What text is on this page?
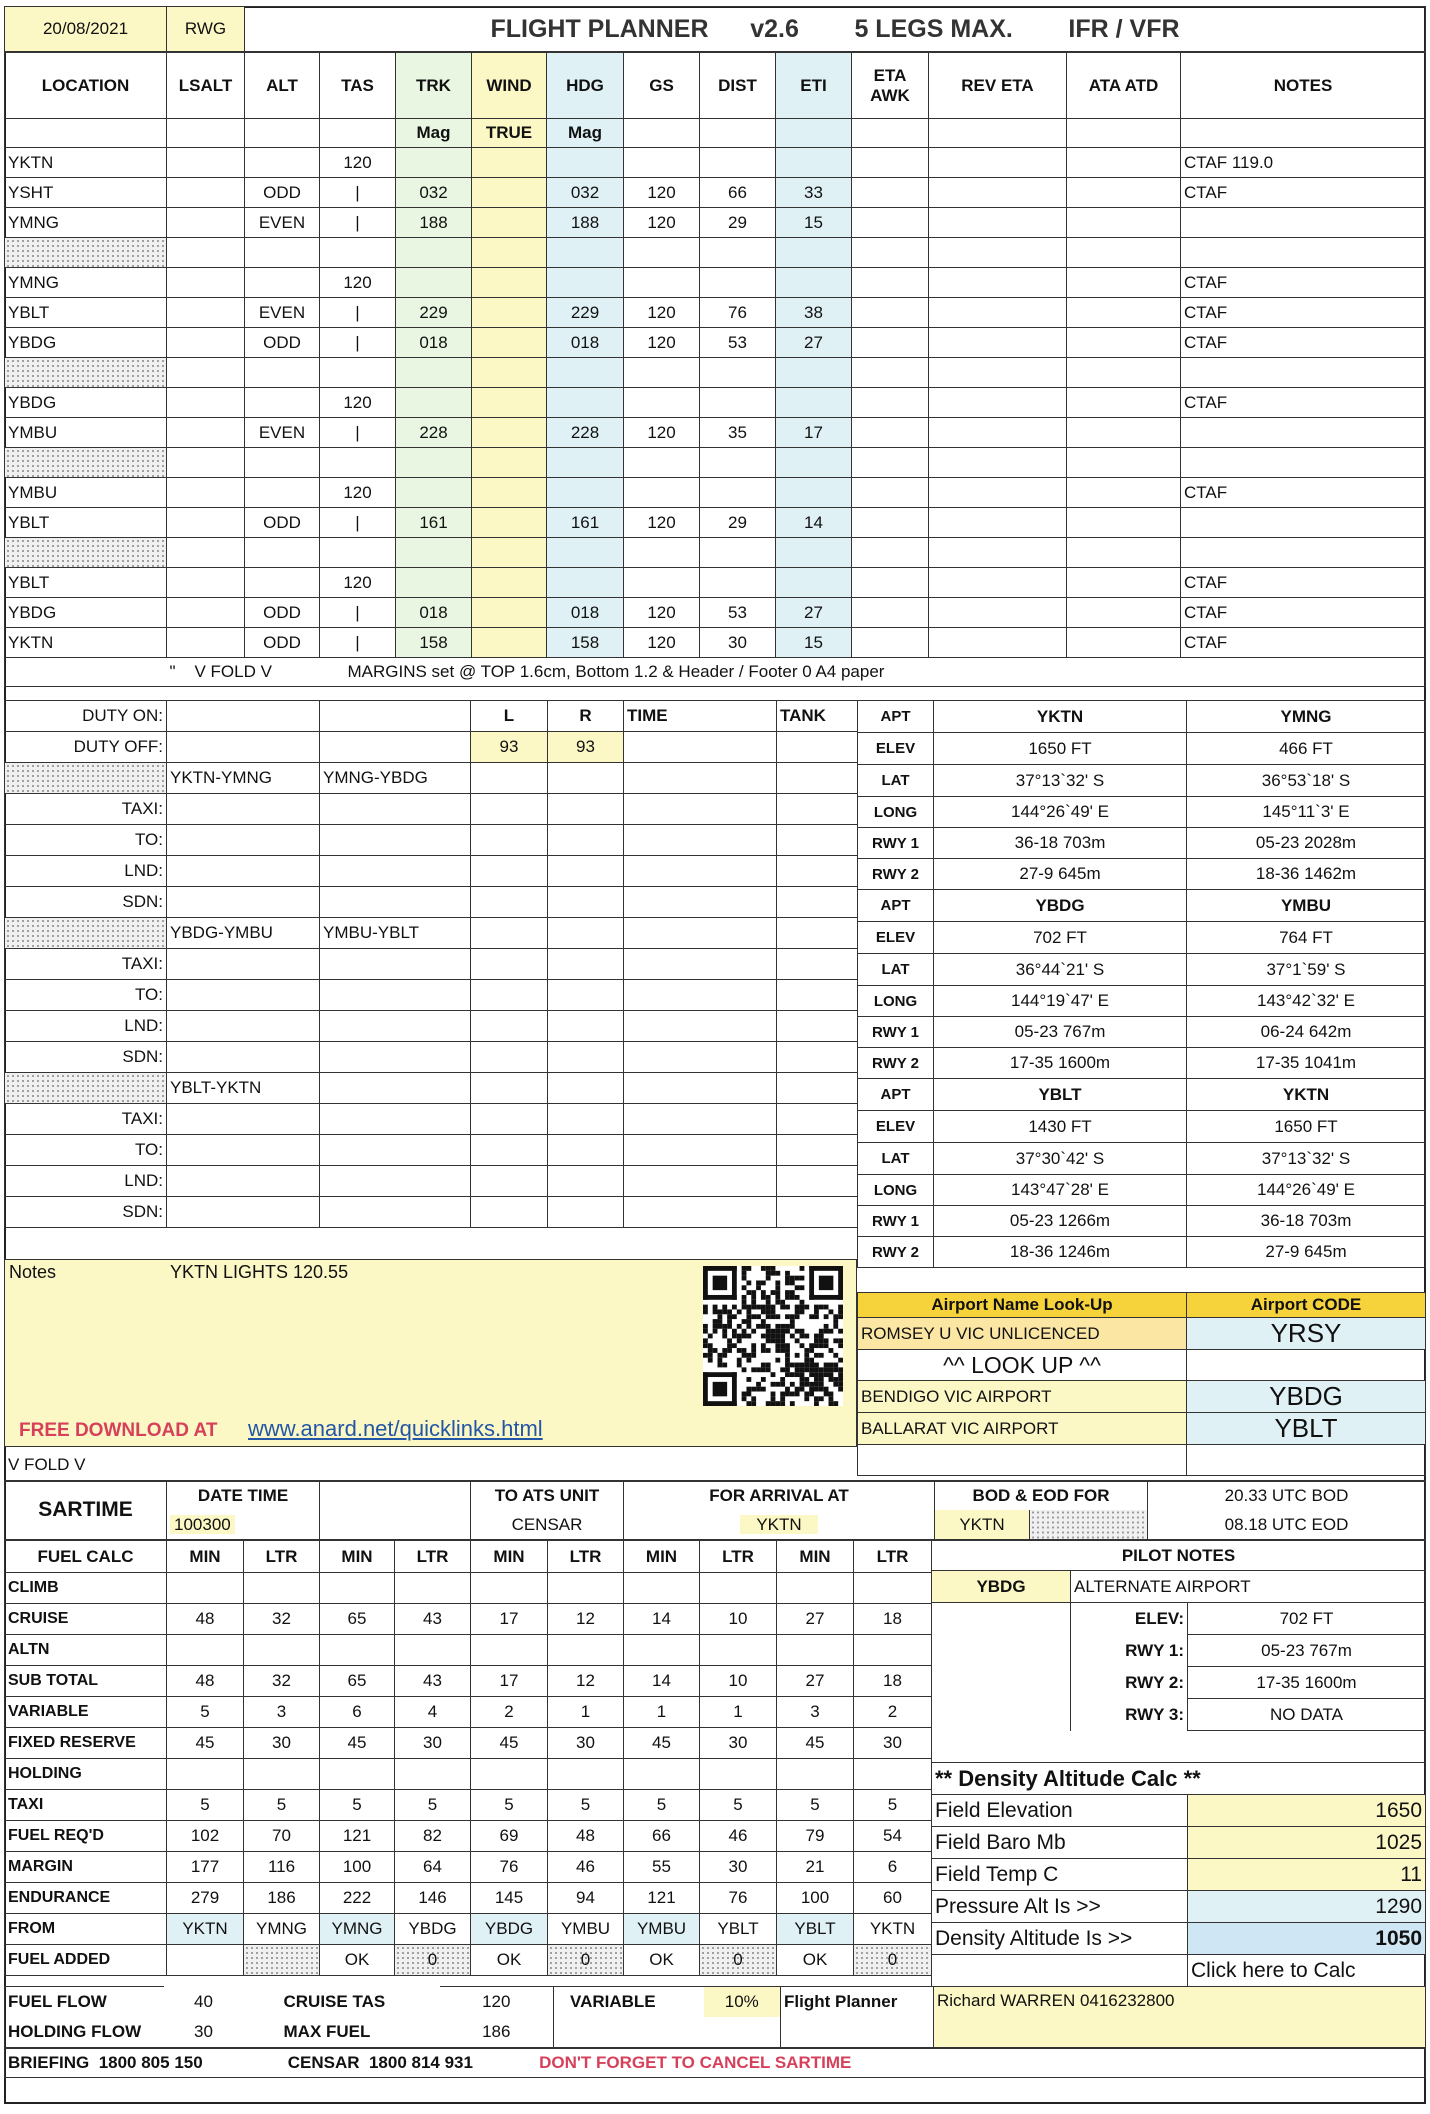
20/08/2021	RWG	FLIGHT PLANNER v2.6 5 LEGS MAX. IFR / VFR
LOCATION	LSALT	ALT	TAS	TRK	WIND	HDG	GS	DIST	ETI	ETA AWK	REV ETA	ATA ATD	NOTES
				Mag	TRUE	Mag							
YKTN			120										CTAF 119.0
YSHT		ODD	|	032		032	120	66	33				CTAF
YMNG		EVEN	|	188		188	120	29	15				

YMNG			120										CTAF
YBLT		EVEN	|	229		229	120	76	38				CTAF
YBDG		ODD	|	018		018	120	53	27				CTAF

YBDG			120										CTAF
YMBU		EVEN	|	228		228	120	35	17				

YMBU			120										CTAF
YBLT		ODD	|	161		161	120	29	14				

YBLT			120										CTAF
YBDG		ODD	|	018		018	120	53	27				CTAF
YKTN		ODD	|	158		158	120	30	15				CTAF
	" V FOLD V MARGINS set @ TOP 1.6cm, Bottom 1.2 & Header / Footer 0 A4 paper												
DUTY ON:			L	R	TIME	TANK
DUTY OFF:			93	93		
	YKTN-YMNG	YMNG-YBDG				
TAXI:						
TO:						
LND:						
SDN:						
	YBDG-YMBU	YMBU-YBLT				
TAXI:						
TO:						
LND:						
SDN:						
	YBLT-YKTN					
TAXI:						
TO:						
LND:						
SDN:						
APT	YKTN	YMNG
ELEV	1650 FT	466 FT
LAT	37°13`32' S	36°53`18' S
LONG	144°26`49' E	145°11`3' E
RWY 1	36-18 703m	05-23 2028m
RWY 2	27-9 645m	18-36 1462m
APT	YBDG	YMBU
ELEV	702 FT	764 FT
LAT	36°44`21' S	37°1`59' S
LONG	144°19`47' E	143°42`32' E
RWY 1	05-23 767m	06-24 642m
RWY 2	17-35 1600m	17-35 1041m
APT	YBLT	YKTN
ELEV	1430 FT	1650 FT
LAT	37°30`42' S	37°13`32' S
LONG	143°47`28' E	144°26`49' E
RWY 1	05-23 1266m	36-18 703m
RWY 2	18-36 1246m	27-9 645m
Notes	YKTN LIGHTS 120.55
FREE DOWNLOAD AT www.anard.net/quicklinks.html
Airport Name Look-Up	Airport CODE
ROMSEY U VIC UNLICENCED	YRSY
^^ LOOK UP ^^	
BENDIGO VIC AIRPORT	YBDG
BALLARAT VIC AIRPORT	YBLT

V FOLD V
SARTIME	DATE TIME		TO ATS UNIT	FOR ARRIVAL AT	BOD & EOD FOR		20.33 UTC BOD
	100300		CENSAR	YKTN	YKTN		08.18 UTC EOD
FUEL CALC	MIN	LTR	MIN	LTR	MIN	LTR	MIN	LTR	MIN	LTR
CLIMB										
CRUISE	48	32	65	43	17	12	14	10	27	18
ALTN										
SUB TOTAL	48	32	65	43	17	12	14	10	27	18
VARIABLE	5	3	6	4	2	1	1	1	3	2
FIXED RESERVE	45	30	45	30	45	30	45	30	45	30
HOLDING										
TAXI	5	5	5	5	5	5	5	5	5	5
FUEL REQ'D	102	70	121	82	69	48	66	46	79	54
MARGIN	177	116	100	64	76	46	55	30	21	6
ENDURANCE	279	186	222	146	145	94	121	76	100	60
FROM	YKTN	YMNG	YMNG	YBDG	YBDG	YMBU	YMBU	YBLT	YBLT	YKTN
FUEL ADDED			OK	0	OK	0	OK	0	OK	0
PILOT NOTES		
YBDG	ALTERNATE AIRPORT	
	ELEV:	702 FT
	RWY 1:	05-23 767m
	RWY 2:	17-35 1600m
	RWY 3:	NO DATA

** Density Altitude Calc **		
Field Elevation	1650
Field Baro Mb	1025
Field Temp C	11
Pressure Alt Is >>	1290
Density Altitude Is >>	1050
	Click here to Calc
FUEL FLOW	40	CRUISE TAS	120	VARIABLE	10%	Flight Planner	Richard WARREN 0416232800
HOLDING FLOW	30	MAX FUEL	186				
BRIEFING 1800 805 150	CENSAR 1800 814 931	DON'T FORGET TO CANCEL SARTIME
